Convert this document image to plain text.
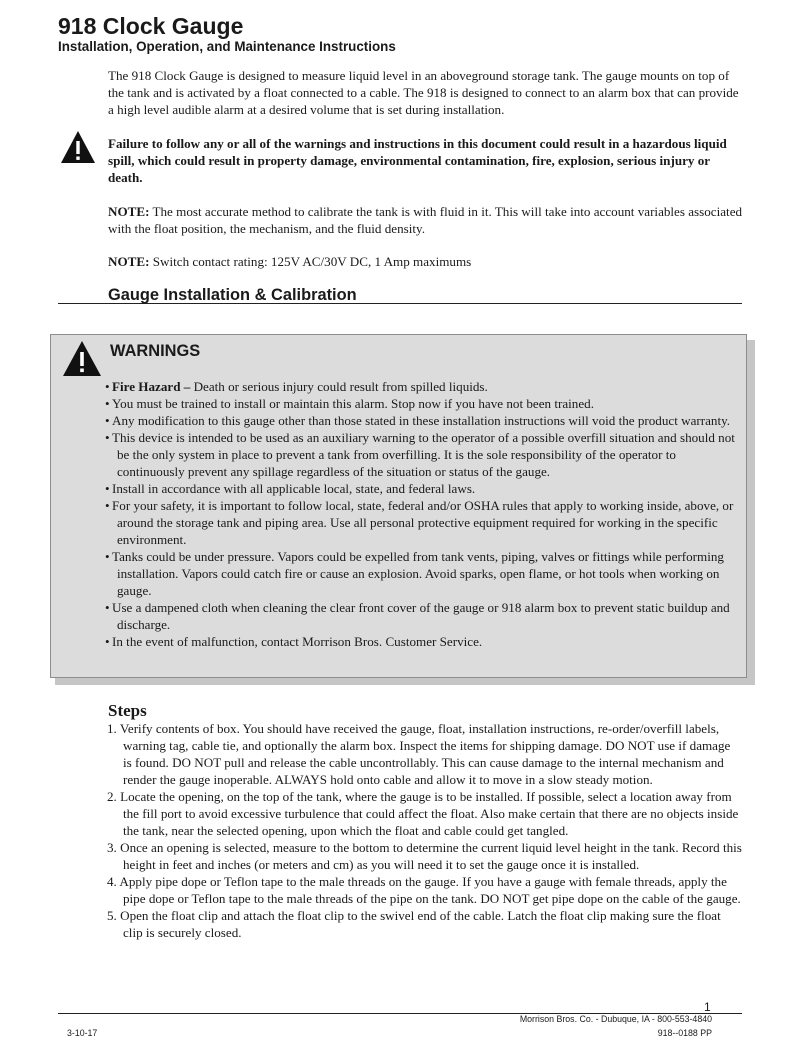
918 Clock Gauge
Installation, Operation, and Maintenance Instructions

The 918 Clock Gauge is designed to measure liquid level in an aboveground storage tank. The gauge mounts on top of the tank and is activated by a float connected to a cable. The 918 is designed to connect to an alarm box that can provide a high level audible alarm at a desired volume that is set during installation.

Failure to follow any or all of the warnings and instructions in this document could result in a hazardous liquid spill, which could result in property damage, environmental contamination, fire, explosion, serious injury or death.

NOTE: The most accurate method to calibrate the tank is with fluid in it. This will take into account variables associated with the float position, the mechanism, and the fluid density.

NOTE: Switch contact rating: 125V AC/30V DC, 1 Amp maximums

Gauge Installation & Calibration
WARNINGS
• Fire Hazard – Death or serious injury could result from spilled liquids.
• You must be trained to install or maintain this alarm. Stop now if you have not been trained.
• Any modification to this gauge other than those stated in these installation instructions will void the product warranty.
• This device is intended to be used as an auxiliary warning to the operator of a possible overfill situation and should not be the only system in place to prevent a tank from overfilling. It is the sole responsibility of the operator to continuously prevent any spillage regardless of the situation or status of the gauge.
• Install in accordance with all applicable local, state, and federal laws.
• For your safety, it is important to follow local, state, federal and/or OSHA rules that apply to working inside, above, or around the storage tank and piping area. Use all personal protective equipment required for working in the specific environment.
• Tanks could be under pressure. Vapors could be expelled from tank vents, piping, valves or fittings while performing installation. Vapors could catch fire or cause an explosion. Avoid sparks, open flame, or hot tools when working on gauge.
• Use a dampened cloth when cleaning the clear front cover of the gauge or 918 alarm box to prevent static buildup and discharge.
• In the event of malfunction, contact Morrison Bros. Customer Service.
Steps
1. Verify contents of box. You should have received the gauge, float, installation instructions, re-order/overfill labels, warning tag, cable tie, and optionally the alarm box. Inspect the items for shipping damage. DO NOT use if damage is found. DO NOT pull and release the cable uncontrollably. This can cause damage to the internal mechanism and render the gauge inoperable. ALWAYS hold onto cable and allow it to move in a slow steady motion.
2. Locate the opening, on the top of the tank, where the gauge is to be installed. If possible, select a location away from the fill port to avoid excessive turbulence that could affect the float. Also make certain that there are no objects inside the tank, near the selected opening, upon which the float and cable could get tangled.
3. Once an opening is selected, measure to the bottom to determine the current liquid level height in the tank. Record this height in feet and inches (or meters and cm) as you will need it to set the gauge once it is installed.
4. Apply pipe dope or Teflon tape to the male threads on the gauge. If you have a gauge with female threads, apply the pipe dope or Teflon tape to the male threads of the pipe on the tank. DO NOT get pipe dope on the cable of the gauge.
5. Open the float clip and attach the float clip to the swivel end of the cable. Latch the float clip making sure the float clip is securely closed.
1
Morrison Bros. Co. - Dubuque, IA - 800-553-4840
3-10-17	918--0188 PP
